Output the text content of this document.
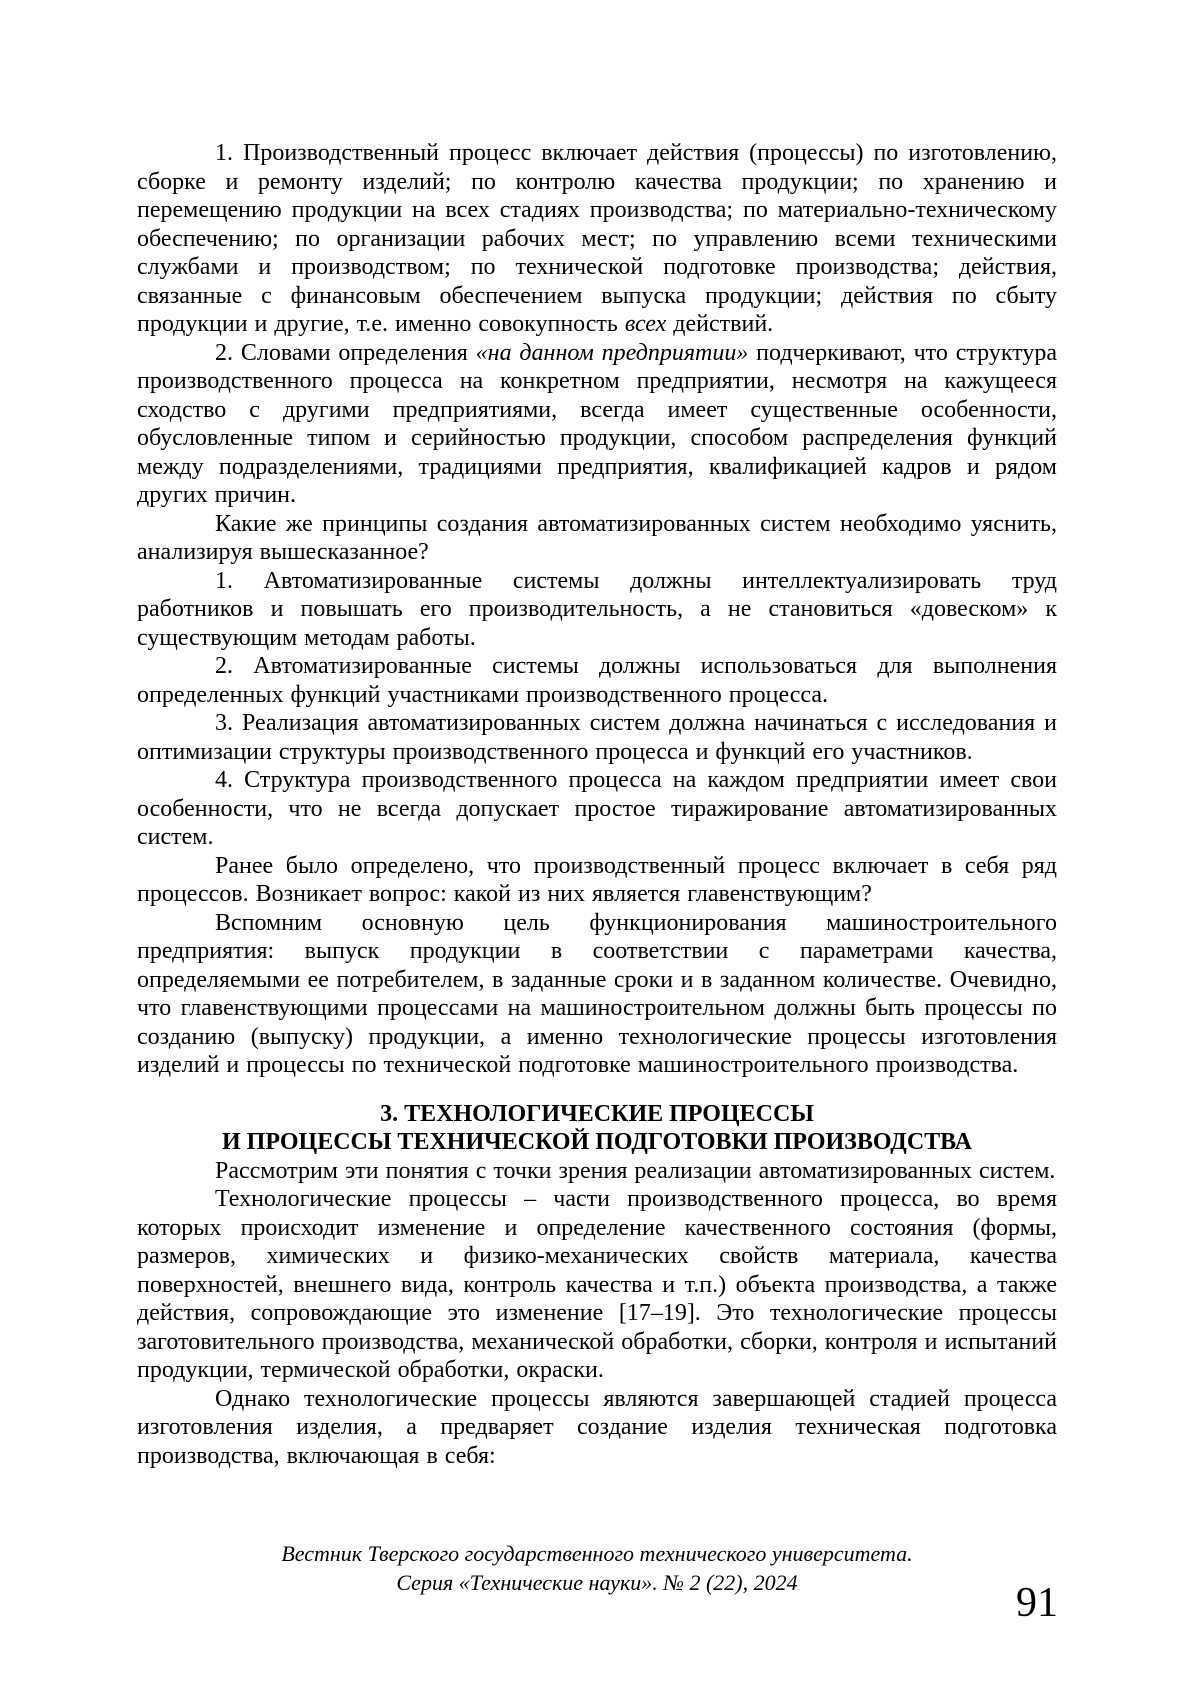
1. Производственный процесс включает действия (процессы) по изготовлению, сборке и ремонту изделий; по контролю качества продукции; по хранению и перемещению продукции на всех стадиях производства; по материально-техническому обеспечению; по организации рабочих мест; по управлению всеми техническими службами и производством; по технической подготовке производства; действия, связанные с финансовым обеспечением выпуска продукции; действия по сбыту продукции и другие, т.е. именно совокупность всех действий.

2. Словами определения «на данном предприятии» подчеркивают, что структура производственного процесса на конкретном предприятии, несмотря на кажущееся сходство с другими предприятиями, всегда имеет существенные особенности, обусловленные типом и серийностью продукции, способом распределения функций между подразделениями, традициями предприятия, квалификацией кадров и рядом других причин.

Какие же принципы создания автоматизированных систем необходимо уяснить, анализируя вышесказанное?

1. Автоматизированные системы должны интеллектуализировать труд работников и повышать его производительность, а не становиться «довеском» к существующим методам работы.

2. Автоматизированные системы должны использоваться для выполнения определенных функций участниками производственного процесса.

3. Реализация автоматизированных систем должна начинаться с исследования и оптимизации структуры производственного процесса и функций его участников.

4. Структура производственного процесса на каждом предприятии имеет свои особенности, что не всегда допускает простое тиражирование автоматизированных систем.

Ранее было определено, что производственный процесс включает в себя ряд процессов. Возникает вопрос: какой из них является главенствующим?

Вспомним основную цель функционирования машиностроительного предприятия: выпуск продукции в соответствии с параметрами качества, определяемыми ее потребителем, в заданные сроки и в заданном количестве. Очевидно, что главенствующими процессами на машиностроительном должны быть процессы по созданию (выпуску) продукции, а именно технологические процессы изготовления изделий и процессы по технической подготовке машиностроительного производства.

3. ТЕХНОЛОГИЧЕСКИЕ ПРОЦЕССЫ
И ПРОЦЕССЫ ТЕХНИЧЕСКОЙ ПОДГОТОВКИ ПРОИЗВОДСТВА

Рассмотрим эти понятия с точки зрения реализации автоматизированных систем.

Технологические процессы – части производственного процесса, во время которых происходит изменение и определение качественного состояния (формы, размеров, химических и физико-механических свойств материала, качества поверхностей, внешнего вида, контроль качества и т.п.) объекта производства, а также действия, сопровождающие это изменение [17–19]. Это технологические процессы заготовительного производства, механической обработки, сборки, контроля и испытаний продукции, термической обработки, окраски.

Однако технологические процессы являются завершающей стадией процесса изготовления изделия, а предваряет создание изделия техническая подготовка производства, включающая в себя:

Вестник Тверского государственного технического университета.
Серия «Технические науки». № 2 (22), 2024	91
